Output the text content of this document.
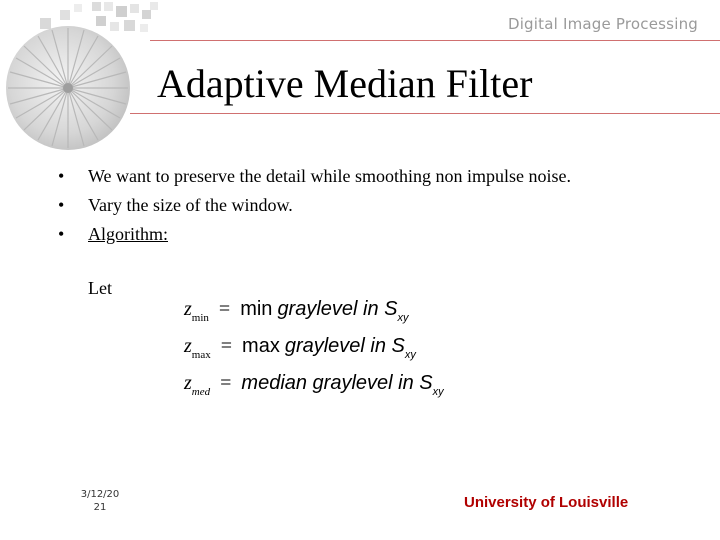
Digital Image Processing
Adaptive Median Filter
• We want to preserve the detail while smoothing non impulse noise.
• Vary the size of the window.
• Algorithm:
Let
$z_{min} = \min$ graylevel in $S_{xy}$
$z_{max} = \max$ graylevel in $S_{xy}$
$z_{med}$ = median graylevel in $S_{xy}$
3/12/20
21	University of Louisville
